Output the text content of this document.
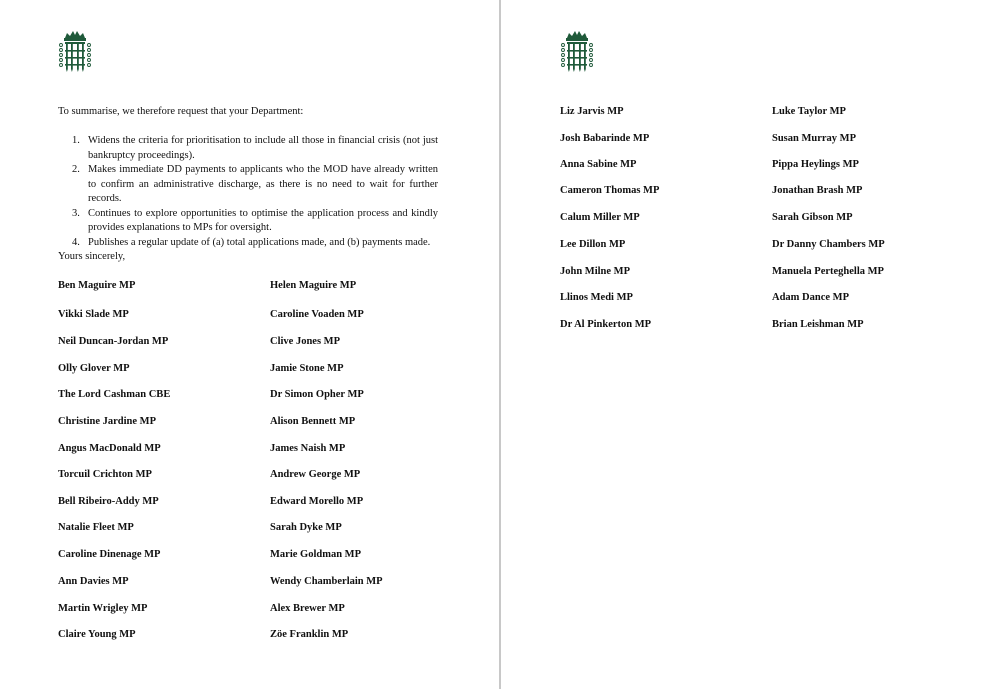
To summarise, we therefore request that your Department:
1. Widens the criteria for prioritisation to include all those in financial crisis (not just bankruptcy proceedings).
2. Makes immediate DD payments to applicants who the MOD have already written to confirm an administrative discharge, as there is no need to wait for further records.
3. Continues to explore opportunities to optimise the application process and kindly provides explanations to MPs for oversight.
4. Publishes a regular update of (a) total applications made, and (b) payments made.
Yours sincerely,
Ben Maguire MP
Vikki Slade MP
Neil Duncan-Jordan MP
Olly Glover MP
The Lord Cashman CBE
Christine Jardine MP
Angus MacDonald MP
Torcuil Crichton MP
Bell Ribeiro-Addy MP
Natalie Fleet MP
Caroline Dinenage MP
Ann Davies MP
Martin Wrigley MP
Claire Young MP
Helen Maguire MP
Caroline Voaden MP
Clive Jones MP
Jamie Stone MP
Dr Simon Opher MP
Alison Bennett MP
James Naish MP
Andrew George MP
Edward Morello MP
Sarah Dyke MP
Marie Goldman MP
Wendy Chamberlain MP
Alex Brewer MP
Zöe Franklin MP
Liz Jarvis MP
Josh Babarinde MP
Anna Sabine MP
Cameron Thomas MP
Calum Miller MP
Lee Dillon MP
John Milne MP
Llinos Medi MP
Dr Al Pinkerton MP
Luke Taylor MP
Susan Murray MP
Pippa Heylings MP
Jonathan Brash MP
Sarah Gibson MP
Dr Danny Chambers MP
Manuela Perteghella MP
Adam Dance MP
Brian Leishman MP
